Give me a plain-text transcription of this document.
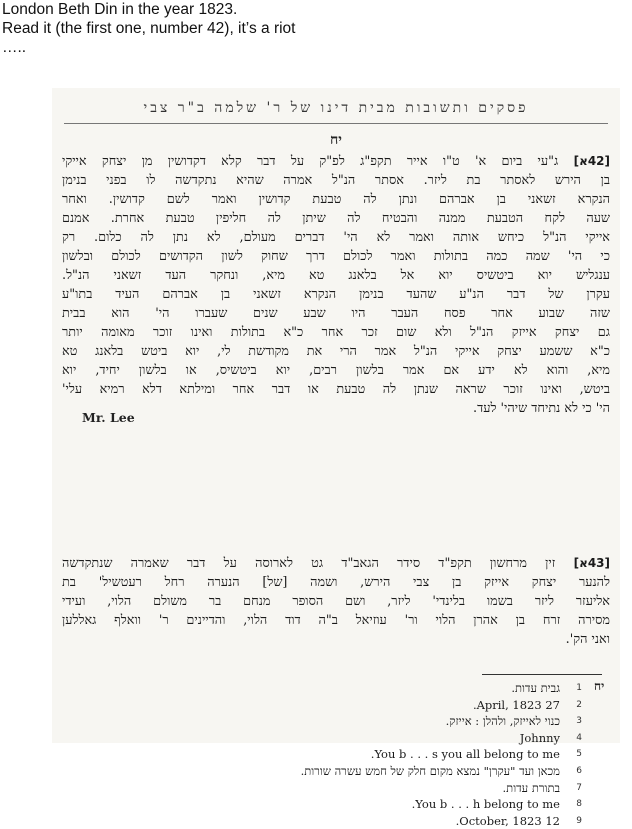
London Beth Din in the year 1823.
Read it (the first one, number 42), it’s a riot
…..
פסקים ותשובות מבית דינו של ר' שלמה ב"ר צבי
יח
[42א] ג"עי ביום א' ט"ו אייר תקפ"ג לפ"ק על דבר קלא דקדושין מן יצחק אייקי
בן הירש לאסתר בת ליזר. אסתר הנ"ל אמרה שהיא נתקדשה לו בפני בנימן
הנקרא זשאני בן אברהם ונתן לה טבעת קדושין ואמר לשם קדושין. ואחר
שעה לקח הטבעת ממנה והבטיח לה שיתן לה חליפין טבעת אחרת. אמנם
אייקי הנ"ל כיחש אותה ואמר לא הי' דברים מעולם, לא נתן לה כלום. רק
כי הי' שמה כמה בתולות ואמר לכולם דרך שחוק לשון הקדושים לכולם ובלשון
ענגליש יוא ביטשיס יוא אל בלאנג טא מיא, ונחקר העד זשאני הנ"ל.
עקרן של דבר הנ"ע שהעד בנימן הנקרא זשאני בן אברהם העיד בתו"ע
שזה שבוע אחר פסח העבר היו שבע שנים שעברו הי' הוא בבית
גם יצחק אייזק הנ"ל ולא שום זכר אחר כ"א בתולות ואינו זוכר מאומה יותר
כ"א ששמע יצחק אייקי הנ"ל אמר הרי את מקודשת לי, יוא ביטש בלאנג טא
מיא, והוא לא ידע אם אמר בלשון רבים, יוא ביטשיס, או בלשון יחיד, יוא
ביטש, ואינו זוכר שראה שנתן לה טבעת או דבר אחר ומילתא דלא רמיא עלי'
הי' כי לא נתיחד שיהי' לעד.
Mr. Lee
[43א] זין מרחשון תקפ"ד סידר הגאב"ד גט לארוסה על דבר שאמרה שנתקדשה
להנער יצחק אייזק בן צבי הירש, ושמה [של] הנערה רחל רעטשיל' בת
אליעזר ליזר בשמו בלינדי' ליזר, ושם הסופר מנחם בר משולם הלוי, ועידי
מסירה זרח בן אהרן הלוי ור' עוזיאל ב"ה דוד הלוי, והדיינים ר' וואלף גאללען
ואני הק'.
יח
גבית עדות. 1
27 April, 1823. 2
כנוי לאייזק, ולהלן : אייזק. 3
Johnny 4
You b . . . s you all belong to me. 5
מכאן ועד "עקרן" נמצא מקום חלק של חמש עשרה שורות. 6
בתורת עדות. 7
You b . . . h belong to me. 8
12 October, 1823. 9
